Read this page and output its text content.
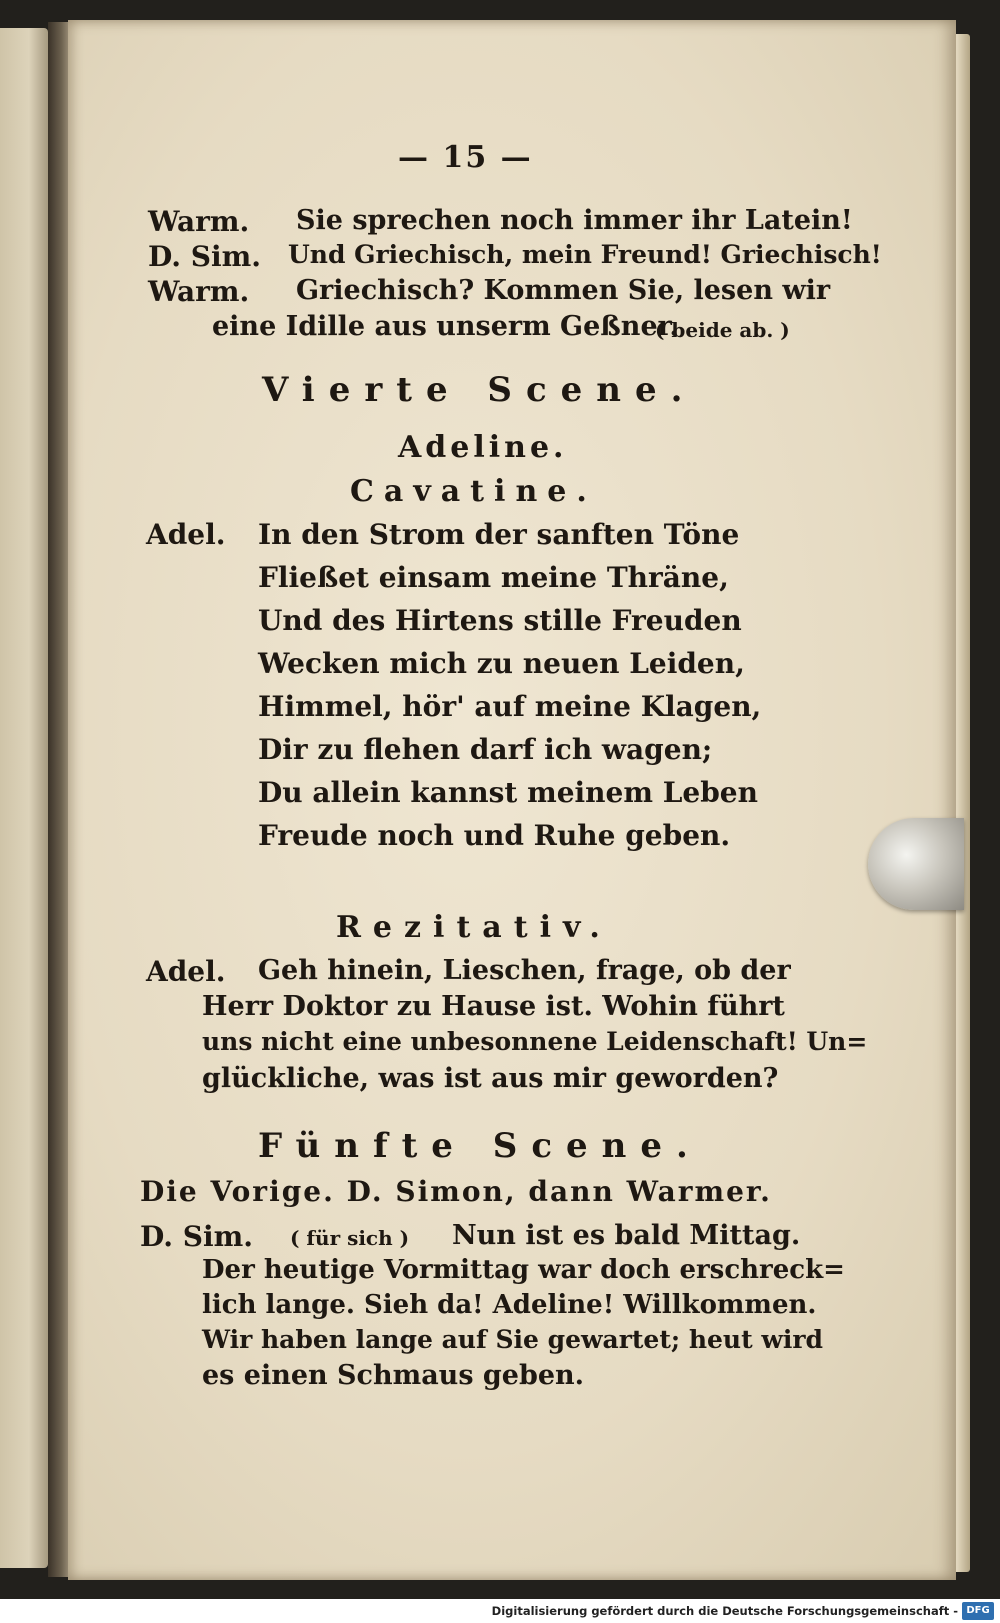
— 15 —
Warm. Sie sprechen noch immer ihr Latein!
D. Sim. Und Griechisch, mein Freund! Griechisch!
Warm. Griechisch? Kommen Sie, lesen wir
eine Idille aus unserm Geßner.
( beide ab. )
Vierte Scene.
Adeline.
Cavatine.
Adel. In den Strom der sanften Töne
Fließet einsam meine Thräne,
Und des Hirtens stille Freuden
Wecken mich zu neuen Leiden,
Himmel, hör' auf meine Klagen,
Dir zu flehen darf ich wagen;
Du allein kannst meinem Leben
Freude noch und Ruhe geben.
Rezitativ.
Adel. Geh hinein, Lieschen, frage, ob der
Herr Doktor zu Hause ist. Wohin führt
uns nicht eine unbesonnene Leidenschaft! Un=
glückliche, was ist aus mir geworden?
Fünfte Scene.
Die Vorige. D. Simon, dann Warmer.
D. Sim. ( für sich ) Nun ist es bald Mittag.
Der heutige Vormittag war doch erschreck=
lich lange. Sieh da! Adeline! Willkommen.
Wir haben lange auf Sie gewartet; heut wird
es einen Schmaus geben.
Digitalisierung gefördert durch die Deutsche Forschungsgemeinschaft - DFG
